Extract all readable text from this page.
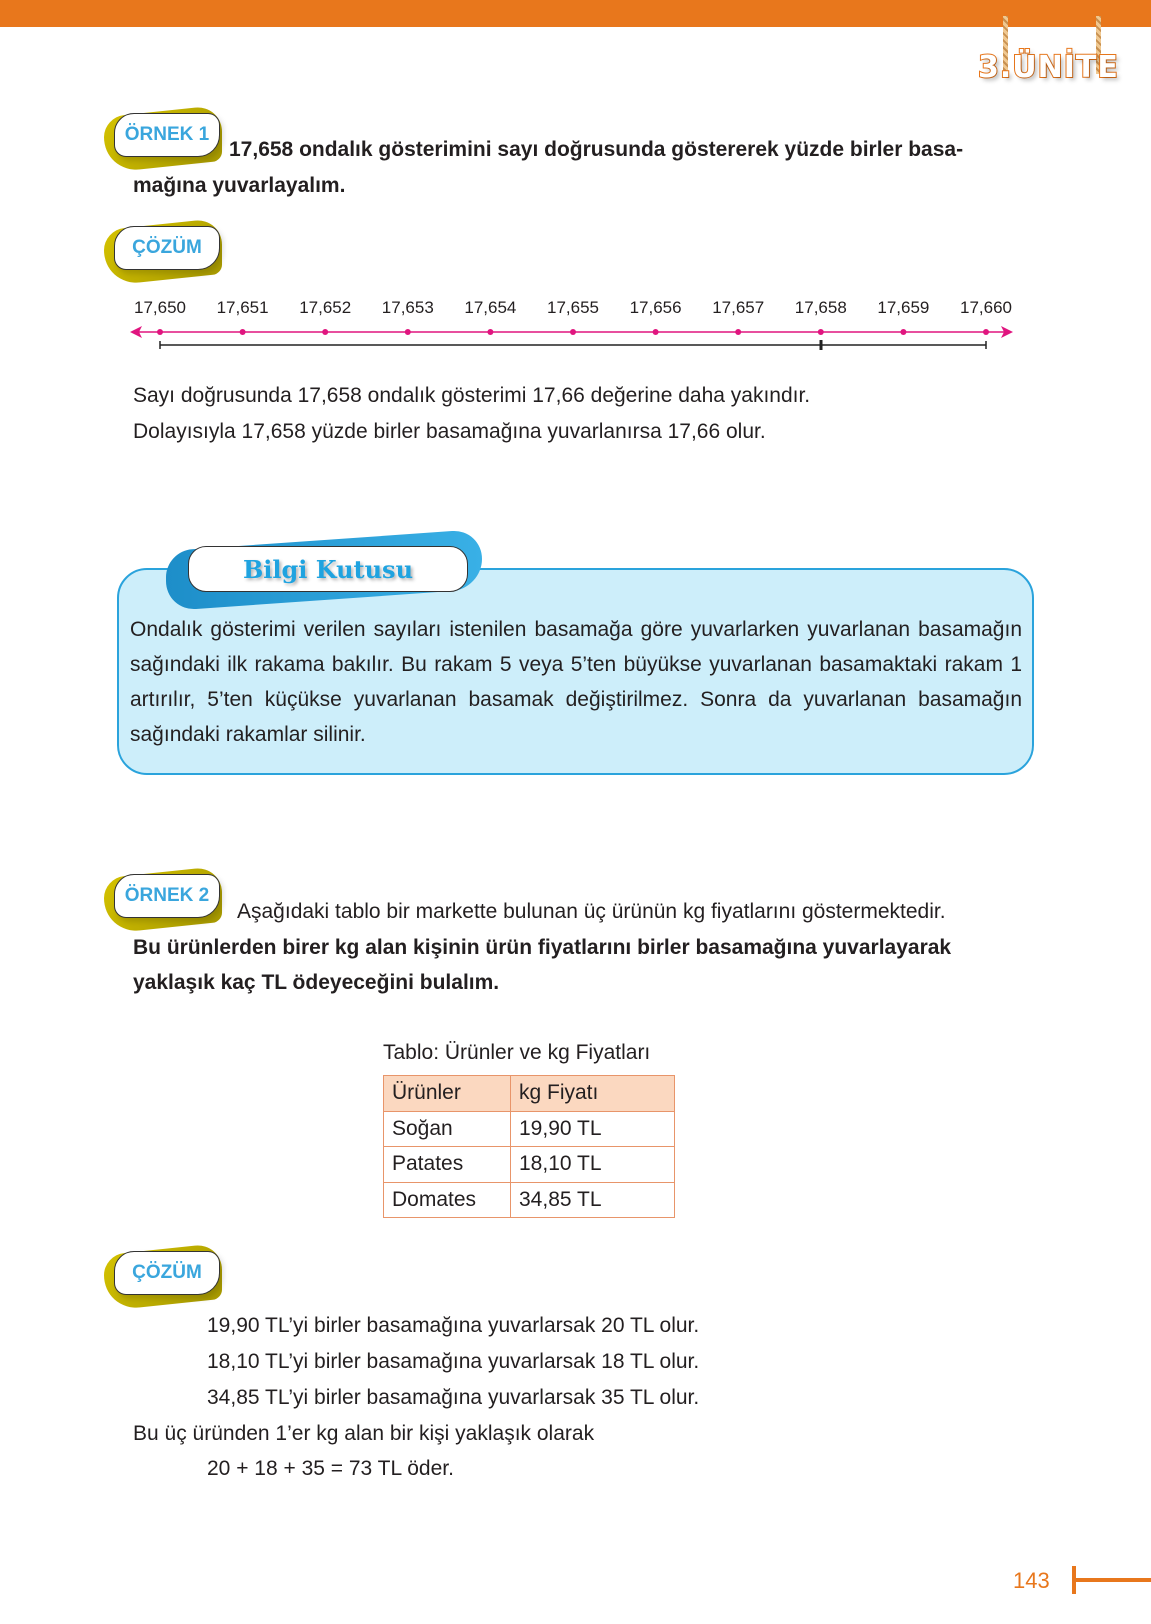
3.ÜNİTE
ÖRNEK 1
17,658 ondalık gösterimini sayı doğrusunda göstererek yüzde birler basa-
mağına yuvarlayalım.
ÇÖZÜM
17,650 17,651 17,652 17,653 17,654 17,655 17,656 17,657 17,658 17,659 17,660
Sayı doğrusunda 17,658 ondalık gösterimi 17,66 değerine daha yakındır.
Dolayısıyla 17,658 yüzde birler basamağına yuvarlanırsa 17,66 olur.
Bilgi Kutusu
Ondalık gösterimi verilen sayıları istenilen basamağa göre yuvarlarken yuvarlanan basamağın sağındaki ilk rakama bakılır. Bu rakam 5 veya 5’ten büyükse yuvarlanan basamaktaki rakam 1 artırılır, 5’ten küçükse yuvarlanan basamak değiştirilmez. Sonra da yuvarlanan basamağın sağındaki rakamlar silinir.
ÖRNEK 2
Aşağıdaki tablo bir markette bulunan üç ürünün kg fiyatlarını göstermektedir.
Bu ürünlerden birer kg alan kişinin ürün fiyatlarını birler basamağına yuvarlayarak
yaklaşık kaç TL ödeyeceğini bulalım.
Tablo: Ürünler ve kg Fiyatları
Ürünler	kg Fiyatı
Soğan	19,90 TL
Patates	18,10 TL
Domates	34,85 TL
ÇÖZÜM
19,90 TL’yi birler basamağına yuvarlarsak 20 TL olur.
18,10 TL’yi birler basamağına yuvarlarsak 18 TL olur.
34,85 TL’yi birler basamağına yuvarlarsak 35 TL olur.
Bu üç üründen 1’er kg alan bir kişi yaklaşık olarak
20 + 18 + 35 = 73 TL öder.
143
